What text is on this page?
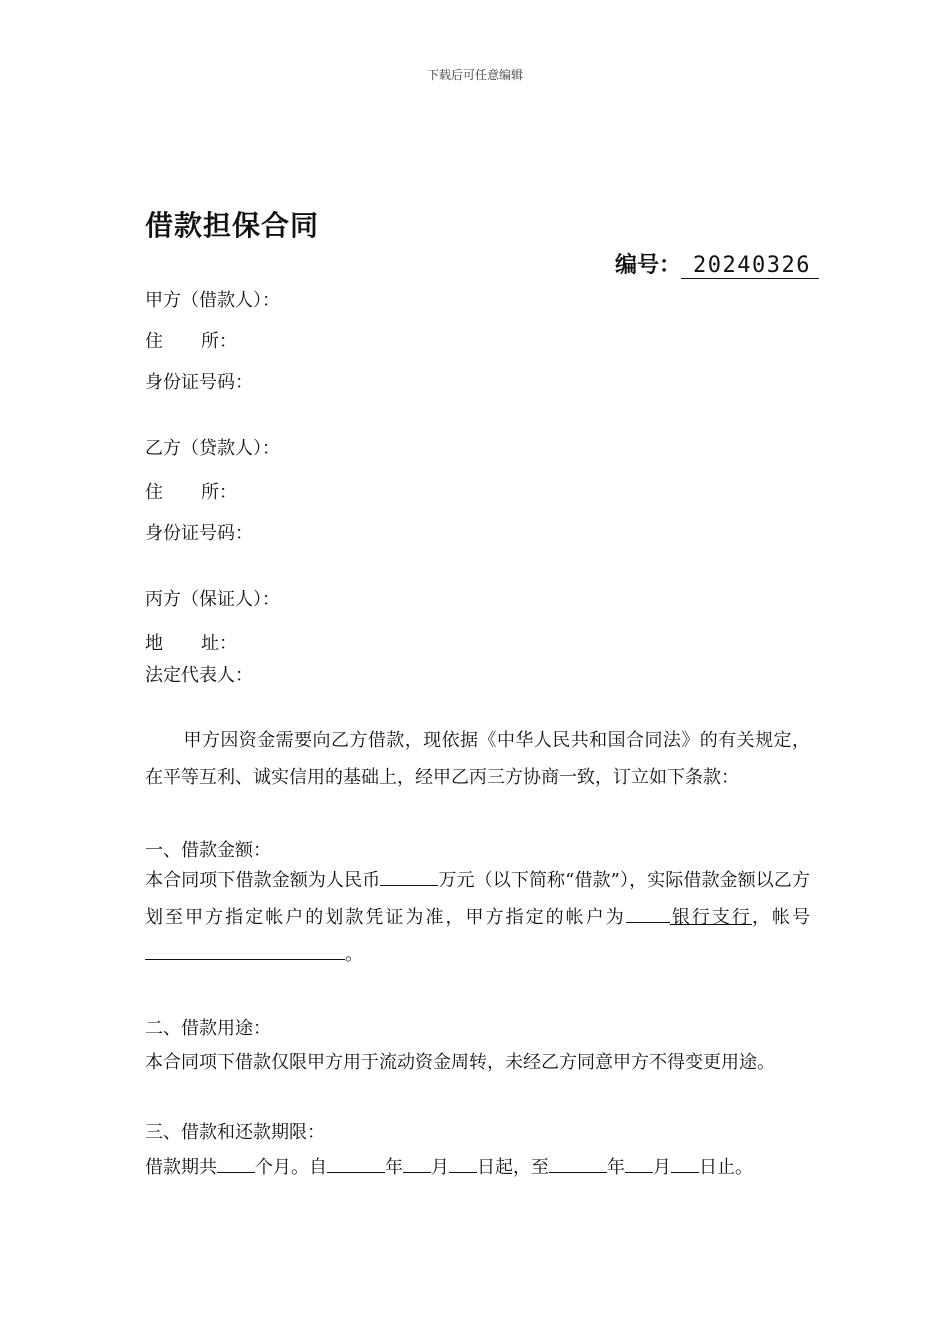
下载后可任意编辑
借款担保合同
编号： 20240326
甲方（借款人）：
住 所：
身份证号码：
乙方（贷款人）：
住 所：
身份证号码：
丙方（保证人）：
地 址：
法定代表人：
甲方因资金需要向乙方借款，现依据《中华人民共和国合同法》的有关规定，在平等互利、诚实信用的基础上，经甲乙丙三方协商一致，订立如下条款：
一、借款金额：
本合同项下借款金额为人民币	万元（以下简称“借款”），实际借款金额以乙方划至甲方指定帐户的划款凭证为准，甲方指定的帐户为 银行支行，帐号。
二、借款用途：
本合同项下借款仅限甲方用于流动资金周转，未经乙方同意甲方不得变更用途。
三、借款和还款期限：
借款期共 个月。自	年 月 日起，至	年 月 日止。
